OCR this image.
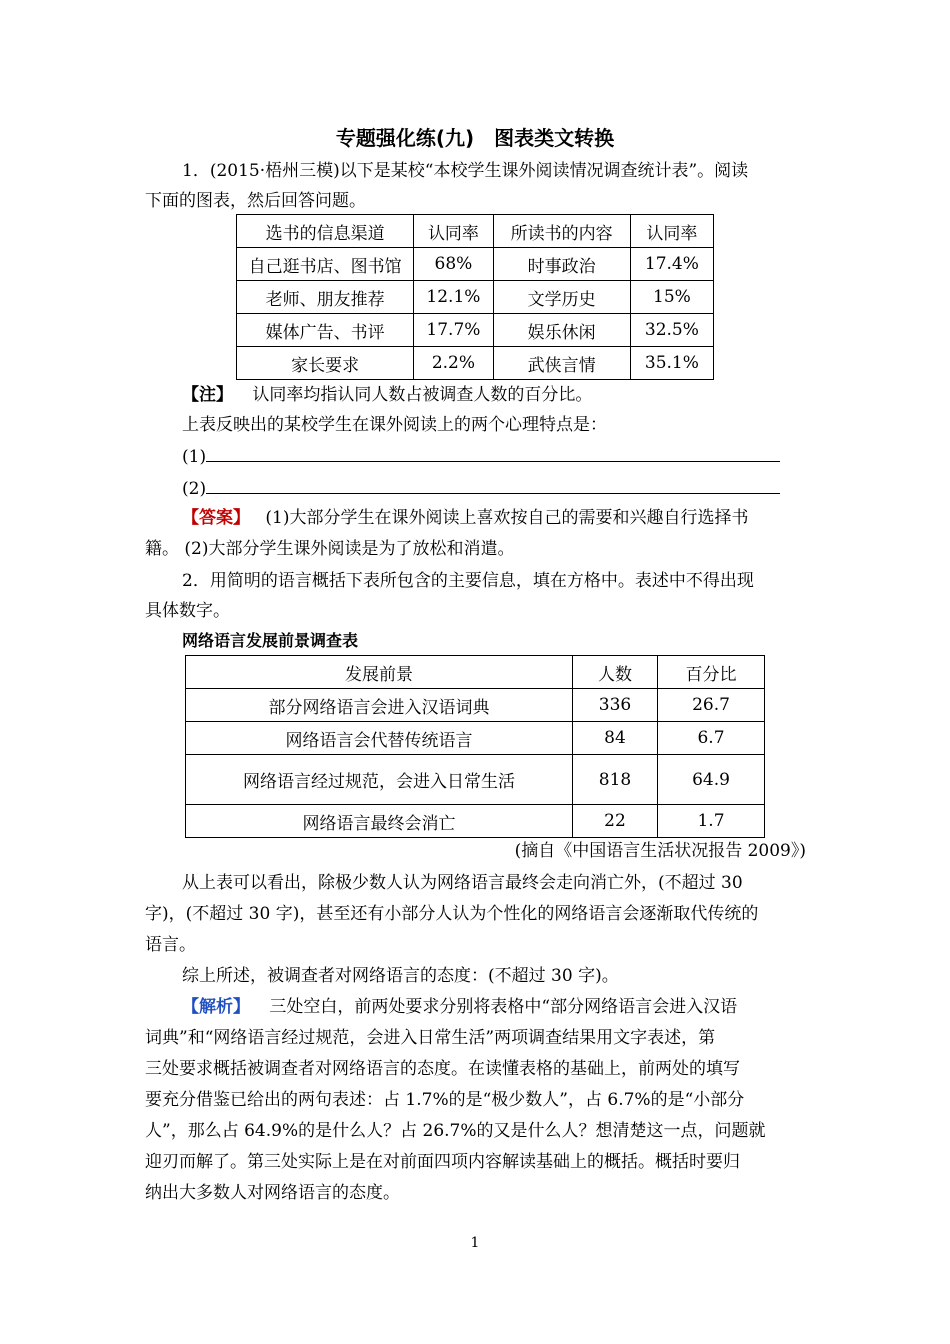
专题强化练(九)　图表类文转换
1．(2015·梧州三模)以下是某校“本校学生课外阅读情况调查统计表”。阅读
下面的图表，然后回答问题。
选书的信息渠道	认同率	所读书的内容	认同率
自己逛书店、图书馆	68%	时事政治	17.4%
老师、朋友推荐	12.1%	文学历史	15%
媒体广告、书评	17.7%	娱乐休闲	32.5%
家长要求	2.2%	武侠言情	35.1%
【注】 认同率均指认同人数占被调查人数的百分比。
上表反映出的某校学生在课外阅读上的两个心理特点是：
(1)
(2)
【答案】 (1)大部分学生在课外阅读上喜欢按自己的需要和兴趣自行选择书
籍。 (2)大部分学生课外阅读是为了放松和消遣。
2．用简明的语言概括下表所包含的主要信息，填在方格中。表述中不得出现
具体数字。
网络语言发展前景调查表
发展前景	人数	百分比
部分网络语言会进入汉语词典	336	26.7
网络语言会代替传统语言	84	6.7
网络语言经过规范，会进入日常生活	818	64.9
网络语言最终会消亡	22	1.7
(摘自《中国语言生活状况报告 2009》)
从上表可以看出，除极少数人认为网络语言最终会走向消亡外，(不超过 30
字)，(不超过 30 字)，甚至还有小部分人认为个性化的网络语言会逐渐取代传统的
语言。
综上所述，被调查者对网络语言的态度：(不超过 30 字)。
【解析】 三处空白，前两处要求分别将表格中“部分网络语言会进入汉语
词典”和“网络语言经过规范，会进入日常生活”两项调查结果用文字表述，第
三处要求概括被调查者对网络语言的态度。在读懂表格的基础上，前两处的填写
要充分借鉴已给出的两句表述：占 1.7%的是“极少数人”，占 6.7%的是“小部分
人”，那么占 64.9%的是什么人？占 26.7%的又是什么人？想清楚这一点，问题就
迎刃而解了。第三处实际上是在对前面四项内容解读基础上的概括。概括时要归
纳出大多数人对网络语言的态度。
1
